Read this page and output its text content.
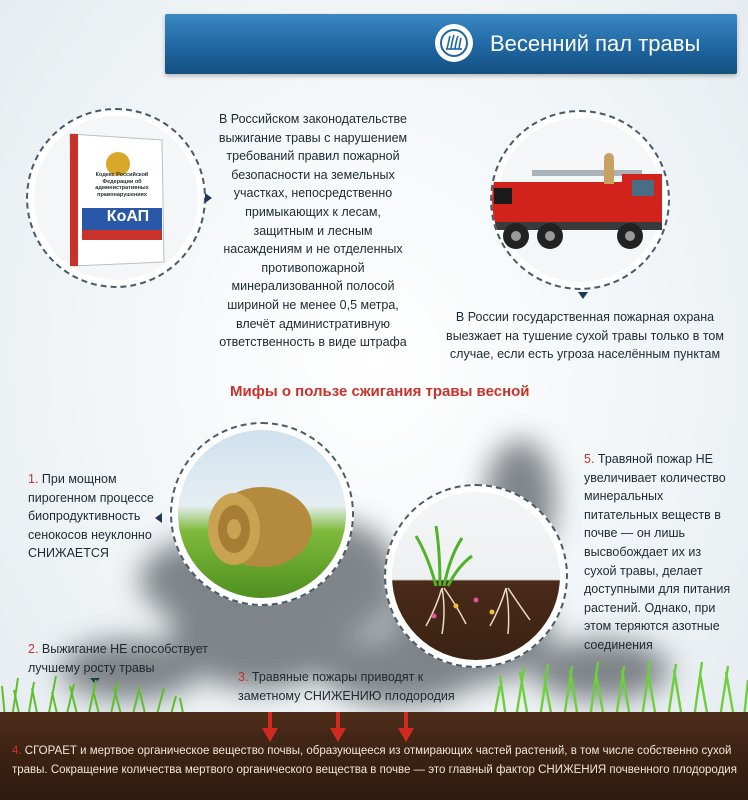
Весенний пал травы
Кодекс Российской Федерации об административных правонарушениях
КоАП
В Российском законодательстве выжигание травы с нарушением требований правил пожарной безопасности на земельных участках, непосредственно примыкающих к лесам, защитным и лесным насаждениям и не отделенных противопожарной минерализованной полосой шириной не менее 0,5 метра, влечёт административную ответственность в виде штрафа
В России государственная пожарная охрана выезжает на тушение сухой травы только в том случае, если есть угроза населённым пунктам
Мифы о пользе сжигания травы весной
1. При мощном пирогенном процессе биопродуктивность сенокосов неуклонно СНИЖАЕТСЯ
2. Выжигание НЕ способствует лучшему росту травы
5. Травяной пожар НЕ увеличивает количество минеральных питательных веществ в почве — он лишь высвобождает их из сухой травы, делает доступными для питания растений. Однако, при этом теряются азотные соединения
3. Травяные пожары приводят к заметному СНИЖЕНИЮ плодородия
4. СГОРАЕТ и мертвое органическое вещество почвы, образующееся из отмирающих частей растений, в том числе собственно сухой травы. Сокращение количества мертвого органического вещества в почве — это главный фактор СНИЖЕНИЯ почвенного плодородия
